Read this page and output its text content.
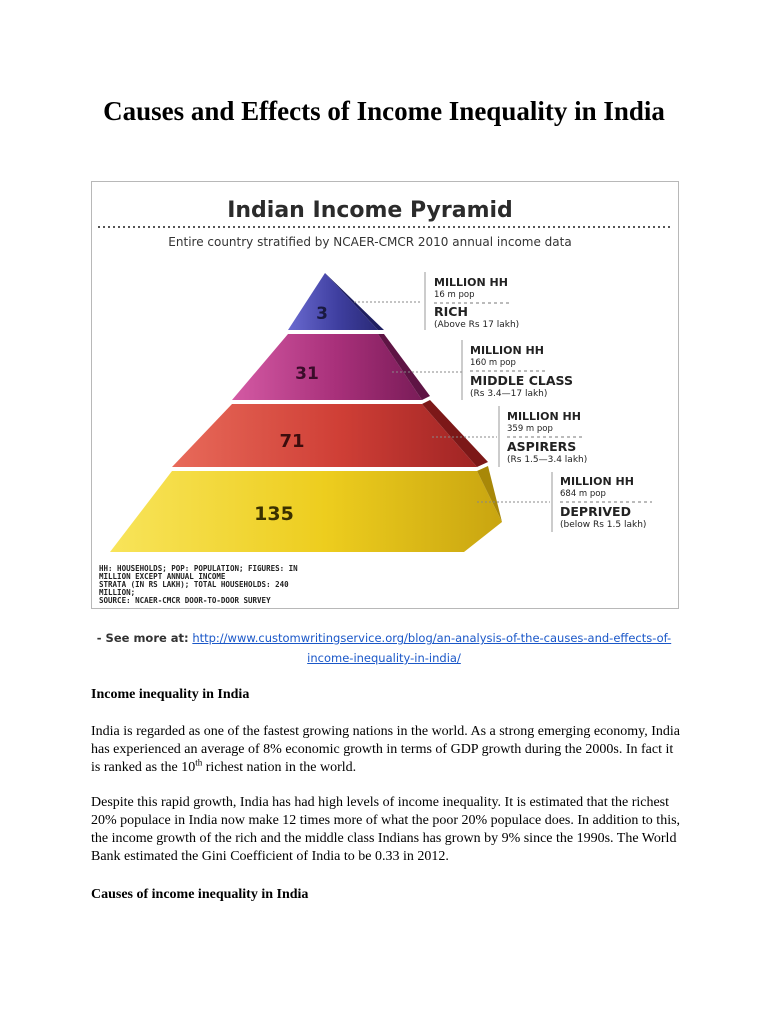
Causes and Effects of Income Inequality in India
Indian Income Pyramid
Entire country stratified by NCAER-CMCR 2010 annual income data
3
31
71
135
MILLION HH
16 m pop
RICH
(Above Rs 17 lakh)
MILLION HH
160 m pop
MIDDLE CLASS
(Rs 3.4—17 lakh)
MILLION HH
359 m pop
ASPIRERS
(Rs 1.5—3.4 lakh)
MILLION HH
684 m pop
DEPRIVED
(below Rs 1.5 lakh)
HH: HOUSEHOLDS; POP: POPULATION; FIGURES: IN
MILLION EXCEPT ANNUAL INCOME
STRATA (IN RS LAKH); TOTAL HOUSEHOLDS: 240
MILLION;
SOURCE: NCAER-CMCR DOOR-TO-DOOR SURVEY
- See more at: http://www.customwritingservice.org/blog/an-analysis-of-the-causes-and-effects-of-
income-inequality-in-india/
Income inequality in India

India is regarded as one of the fastest growing nations in the world. As a strong emerging economy, India has experienced an average of 8% economic growth in terms of GDP growth during the 2000s. In fact it is ranked as the 10th richest nation in the world.

Despite this rapid growth, India has had high levels of income inequality. It is estimated that the richest 20% populace in India now make 12 times more of what the poor 20% populace does. In addition to this, the income growth of the rich and the middle class Indians has grown by 9% since the 1990s. The World Bank estimated the Gini Coefficient of India to be 0.33 in 2012.

Causes of income inequality in India
